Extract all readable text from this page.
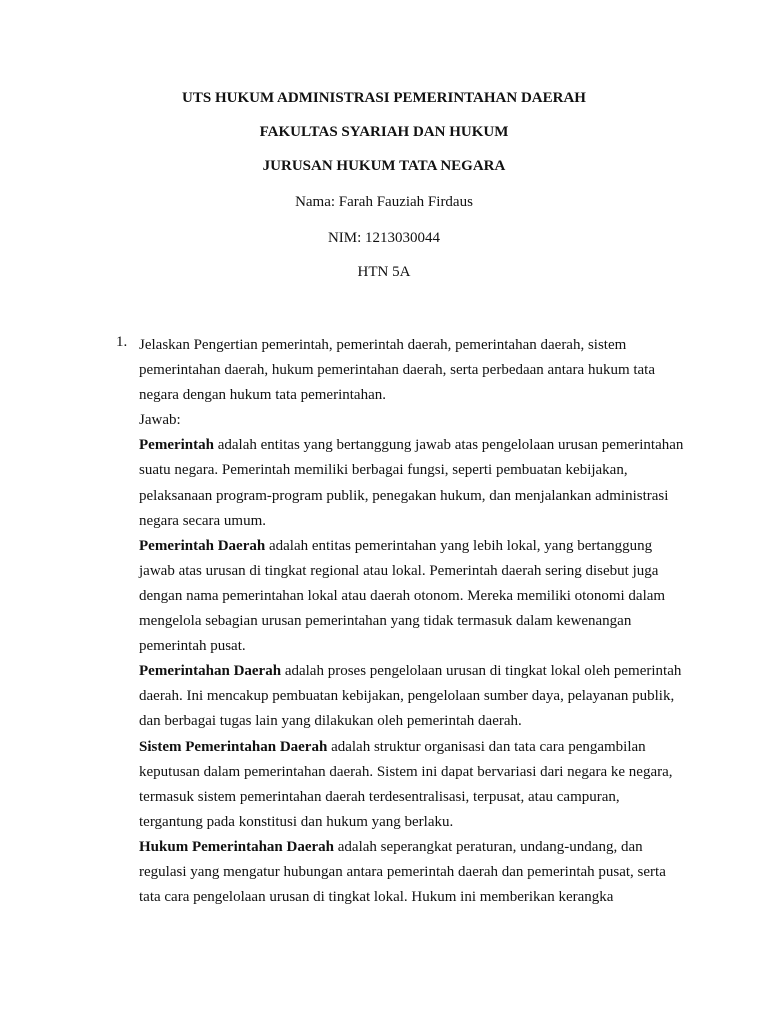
UTS HUKUM ADMINISTRASI PEMERINTAHAN DAERAH
FAKULTAS SYARIAH DAN HUKUM
JURUSAN HUKUM TATA NEGARA
Nama: Farah Fauziah Firdaus
NIM: 1213030044
HTN 5A
1. Jelaskan Pengertian pemerintah, pemerintah daerah, pemerintahan daerah, sistem pemerintahan daerah, hukum pemerintahan daerah, serta perbedaan antara hukum tata negara dengan hukum tata pemerintahan.

Jawab:

Pemerintah adalah entitas yang bertanggung jawab atas pengelolaan urusan pemerintahan suatu negara. Pemerintah memiliki berbagai fungsi, seperti pembuatan kebijakan, pelaksanaan program-program publik, penegakan hukum, dan menjalankan administrasi negara secara umum.

Pemerintah Daerah adalah entitas pemerintahan yang lebih lokal, yang bertanggung jawab atas urusan di tingkat regional atau lokal. Pemerintah daerah sering disebut juga dengan nama pemerintahan lokal atau daerah otonom. Mereka memiliki otonomi dalam mengelola sebagian urusan pemerintahan yang tidak termasuk dalam kewenangan pemerintah pusat.

Pemerintahan Daerah adalah proses pengelolaan urusan di tingkat lokal oleh pemerintah daerah. Ini mencakup pembuatan kebijakan, pengelolaan sumber daya, pelayanan publik, dan berbagai tugas lain yang dilakukan oleh pemerintah daerah.

Sistem Pemerintahan Daerah adalah struktur organisasi dan tata cara pengambilan keputusan dalam pemerintahan daerah. Sistem ini dapat bervariasi dari negara ke negara, termasuk sistem pemerintahan daerah terdesentralisasi, terpusat, atau campuran, tergantung pada konstitusi dan hukum yang berlaku.

Hukum Pemerintahan Daerah adalah seperangkat peraturan, undang-undang, dan regulasi yang mengatur hubungan antara pemerintah daerah dan pemerintah pusat, serta tata cara pengelolaan urusan di tingkat lokal. Hukum ini memberikan kerangka
